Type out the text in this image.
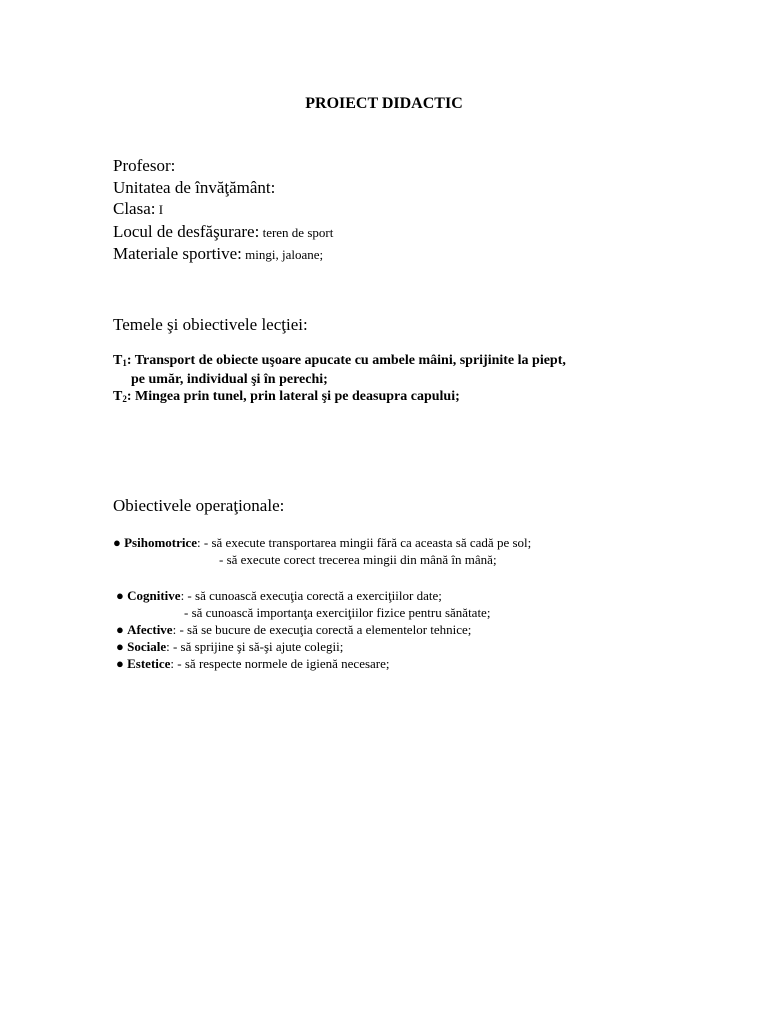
PROIECT DIDACTIC
Profesor:
Unitatea de învăţământ:
Clasa: I
Locul de desfăşurare: teren de sport
Materiale sportive: mingi, jaloane;
Temele şi obiectivele lecţiei:
$T_1$: Transport de obiecte uşoare apucate cu ambele mâini, sprijinite la piept,
pe umăr, individual şi în perechi;
$T_2$: Mingea prin tunel, prin lateral şi pe deasupra capului;
Obiectivele operaţionale:
● Psihomotrice: - să execute transportarea mingii fără ca aceasta să cadă pe sol;
- să execute corect trecerea mingii din mână în mână;
● Cognitive: - să cunoască execuţia corectă a exerciţiilor date;
- să cunoască importanţa exerciţiilor fizice pentru sănătate;
● Afective: - să se bucure de execuţia corectă a elementelor tehnice;
● Sociale: - să sprijine şi să-şi ajute colegii;
● Estetice: - să respecte normele de igienă necesare;
